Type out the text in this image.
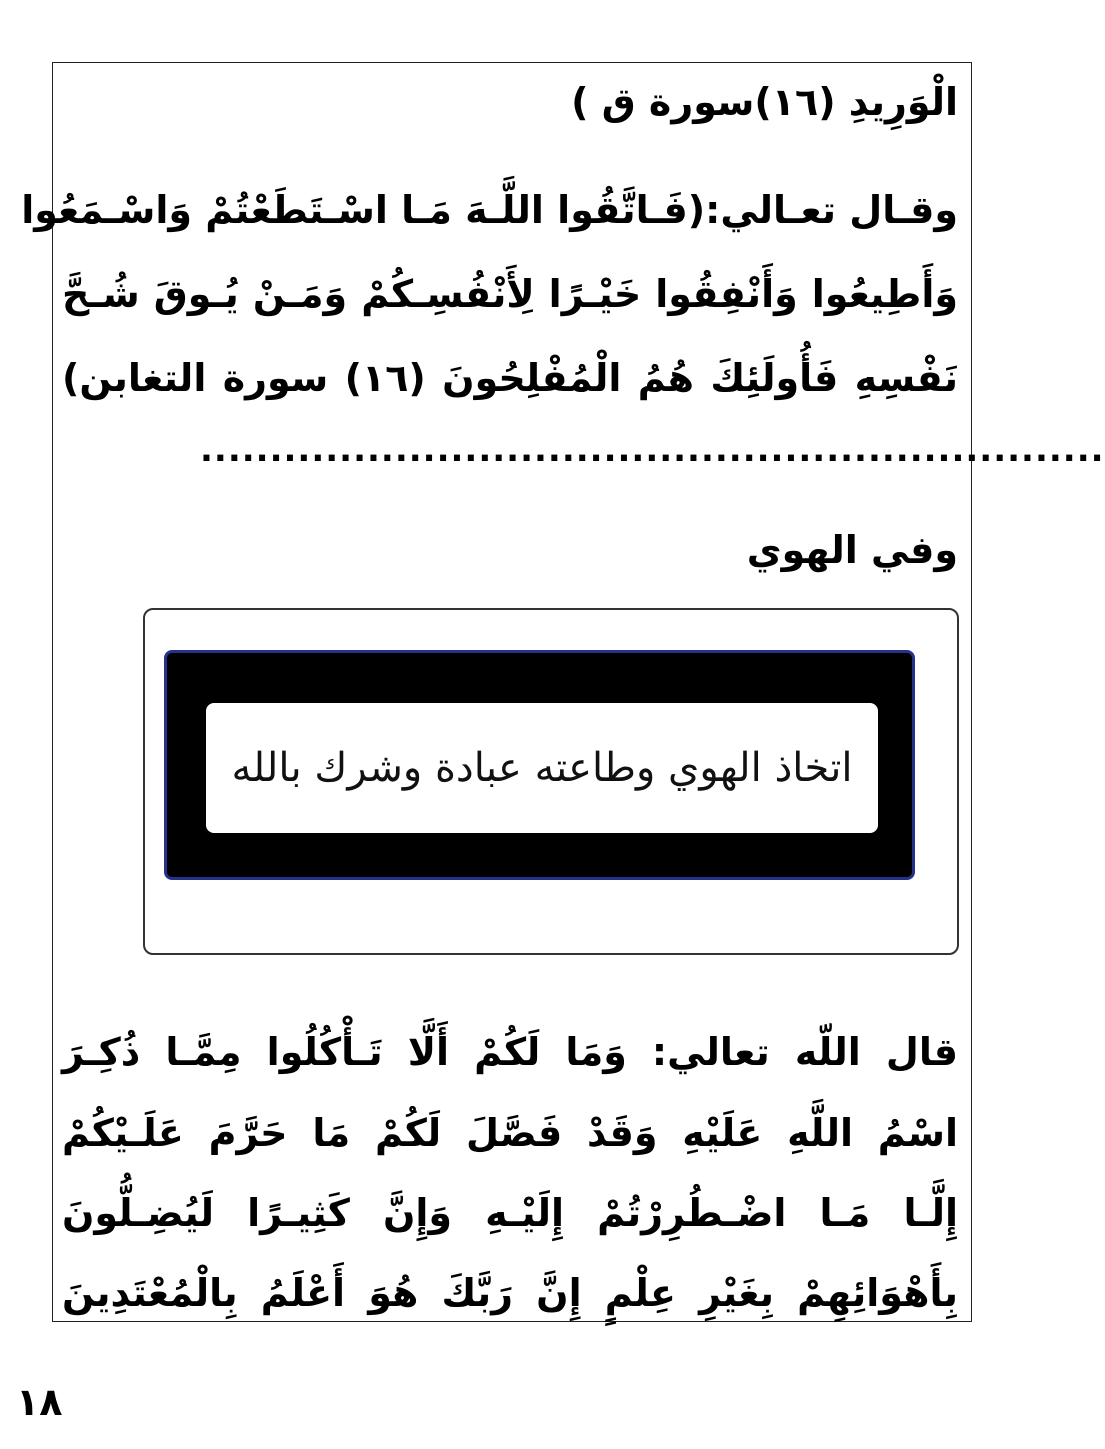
الْوَرِيدِ (١٦)سورة ق )
وقـال تعـالي:(فَـاتَّقُوا اللَّـهَ مَـا اسْـتَطَعْتُمْ وَاسْـمَعُوا
وَأَطِيعُوا وَأَنْفِقُوا خَيْـرًا لِأَنْفُسِـكُمْ وَمَـنْ يُـوقَ شُـحَّ
نَفْسِهِ فَأُولَئِكَ هُمُ الْمُفْلِحُونَ (١٦) سورة التغابن)
.................................................................
وفي الهوي
اتخاذ الهوي وطاعته عبادة وشرك بالله
قال اللّه تعالي: وَمَا لَكُمْ أَلَّا تَـأْكُلُوا مِمَّـا ذُكِـرَ
اسْمُ اللَّهِ عَلَيْهِ وَقَدْ فَصَّلَ لَكُمْ مَا حَرَّمَ عَلَـيْكُمْ
إِلَّـا مَـا اضْـطُرِرْتُمْ إِلَيْـهِ وَإِنَّ كَثِيـرًا لَيُضِـلُّونَ
بِأَهْوَائِهِمْ بِغَيْرِ عِلْمٍ إِنَّ رَبَّكَ هُوَ أَعْلَمُ بِالْمُعْتَدِينَ
١٨
